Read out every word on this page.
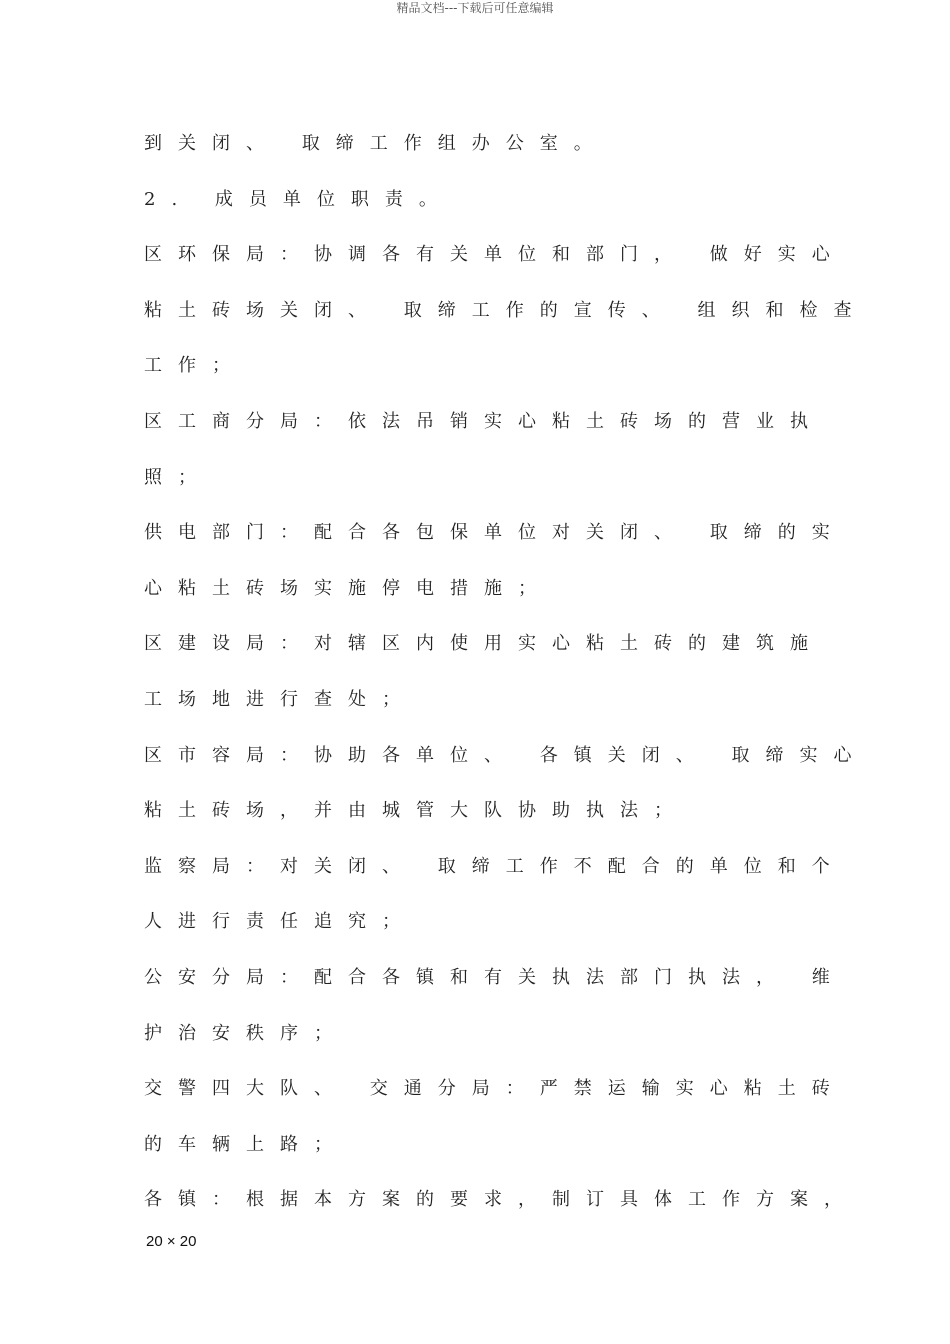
精品文档---下载后可任意编辑
到关闭、 取缔工作组办公室。
2. 成员单位职责。
区环保局：协调各有关单位和部门， 做好实心
粘土砖场关闭、 取缔工作的宣传、 组织和检查
工作；
区工商分局：依法吊销实心粘土砖场的营业执
照；
供电部门：配合各包保单位对关闭、 取缔的实
心粘土砖场实施停电措施；
区建设局：对辖区内使用实心粘土砖的建筑施
工场地进行查处；
区市容局：协助各单位、 各镇关闭、 取缔实心
粘土砖场，并由城管大队协助执法；
监察局：对关闭、 取缔工作不配合的单位和个
人进行责任追究；
公安分局：配合各镇和有关执法部门执法， 维
护治安秩序；
交警四大队、 交通分局：严禁运输实心粘土砖
的车辆上路；
各镇：根据本方案的要求，制订具体工作方案，
20 × 20
